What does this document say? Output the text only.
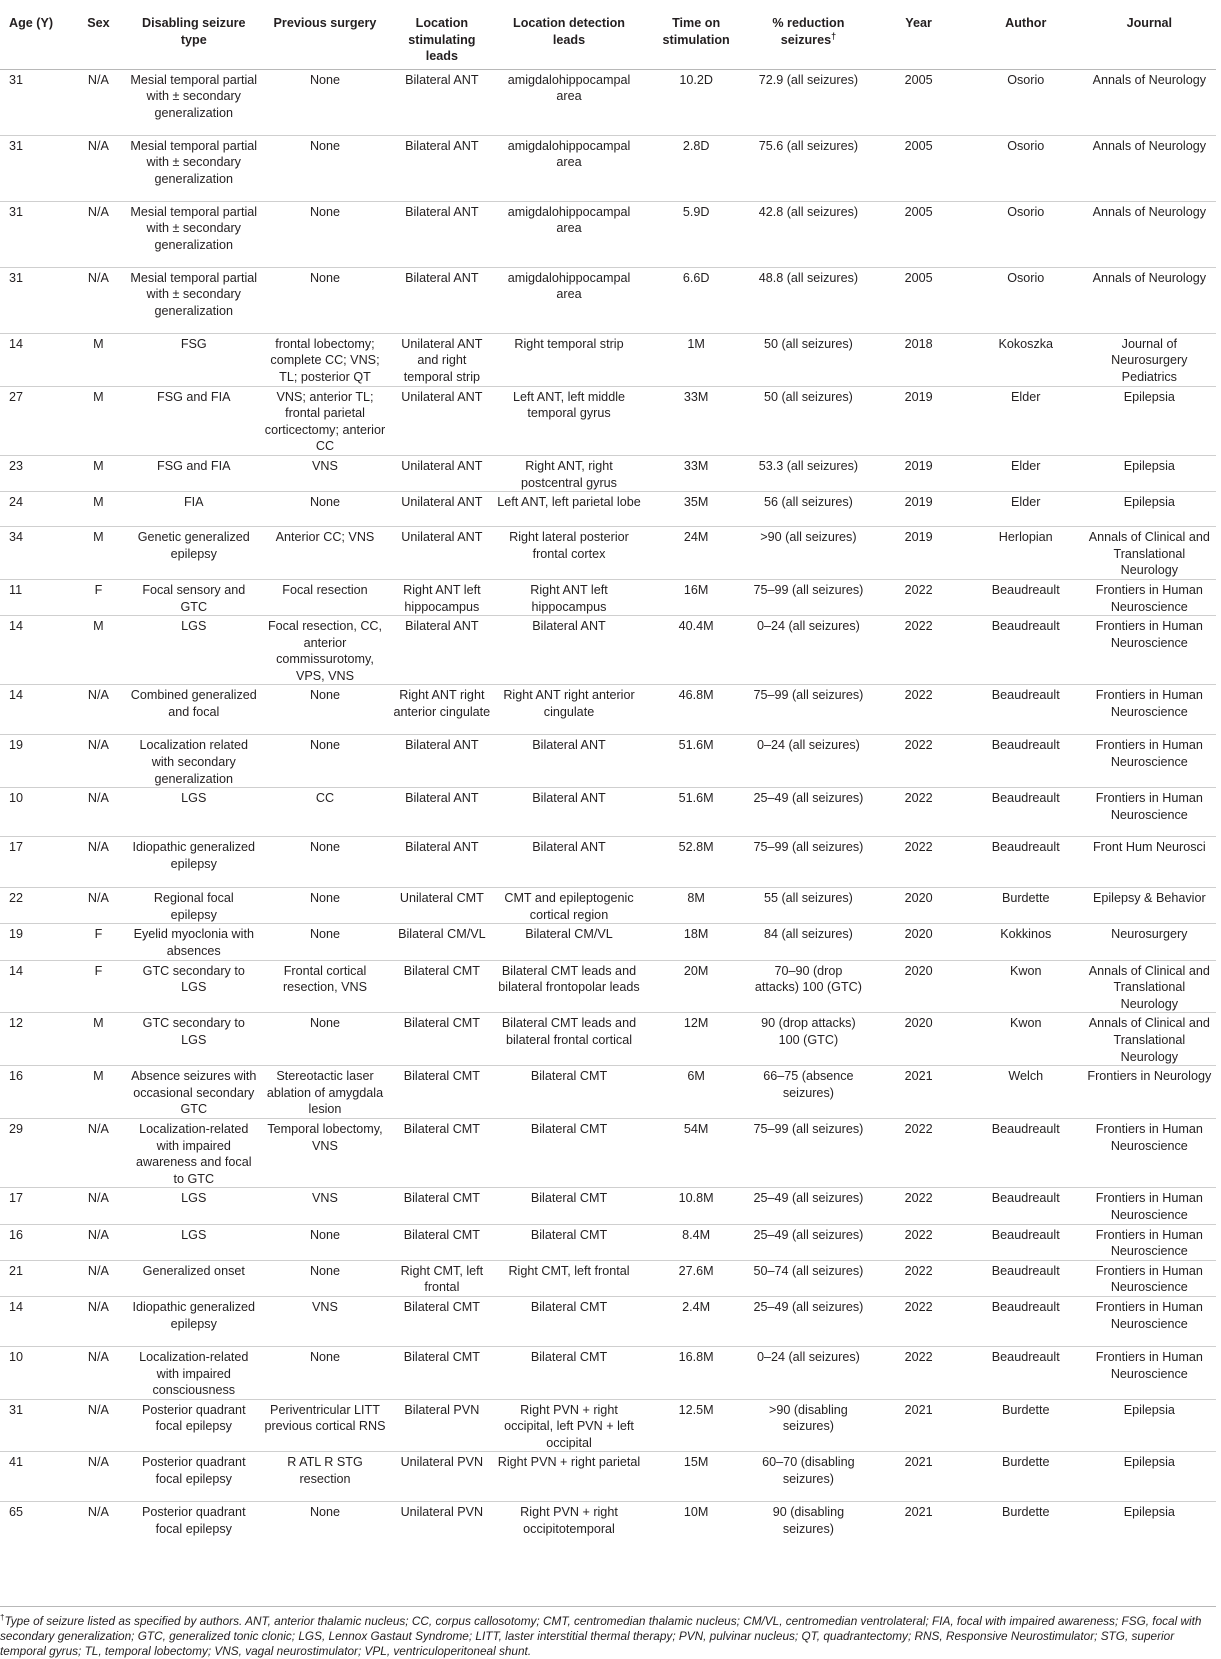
Age (Y)	Sex	Disabling seizure type	Previous surgery	Location stimulating leads	Location detection leads	Time on stimulation	% reduction seizures†	Year	Author	Journal
31	N/A	Mesial temporal partial with ± secondary generalization	None	Bilateral ANT	amigdalohippocampal area	10.2D	72.9 (all seizures)	2005	Osorio	Annals of Neurology
31	N/A	Mesial temporal partial with ± secondary generalization	None	Bilateral ANT	amigdalohippocampal area	2.8D	75.6 (all seizures)	2005	Osorio	Annals of Neurology
31	N/A	Mesial temporal partial with ± secondary generalization	None	Bilateral ANT	amigdalohippocampal area	5.9D	42.8 (all seizures)	2005	Osorio	Annals of Neurology
31	N/A	Mesial temporal partial with ± secondary generalization	None	Bilateral ANT	amigdalohippocampal area	6.6D	48.8 (all seizures)	2005	Osorio	Annals of Neurology
14	M	FSG	frontal lobectomy; complete CC; VNS; TL; posterior QT	Unilateral ANT and right temporal strip	Right temporal strip	1M	50 (all seizures)	2018	Kokoszka	Journal of Neurosurgery Pediatrics
27	M	FSG and FIA	VNS; anterior TL; frontal parietal corticectomy; anterior CC	Unilateral ANT	Left ANT, left middle temporal gyrus	33M	50 (all seizures)	2019	Elder	Epilepsia
23	M	FSG and FIA	VNS	Unilateral ANT	Right ANT, right postcentral gyrus	33M	53.3 (all seizures)	2019	Elder	Epilepsia
24	M	FIA	None	Unilateral ANT	Left ANT, left parietal lobe	35M	56 (all seizures)	2019	Elder	Epilepsia
34	M	Genetic generalized epilepsy	Anterior CC; VNS	Unilateral ANT	Right lateral posterior frontal cortex	24M	>90 (all seizures)	2019	Herlopian	Annals of Clinical and Translational Neurology
11	F	Focal sensory and GTC	Focal resection	Right ANT left hippocampus	Right ANT left hippocampus	16M	75–99 (all seizures)	2022	Beaudreault	Frontiers in Human Neuroscience
14	M	LGS	Focal resection, CC, anterior commissurotomy, VPS, VNS	Bilateral ANT	Bilateral ANT	40.4M	0–24 (all seizures)	2022	Beaudreault	Frontiers in Human Neuroscience
14	N/A	Combined generalized and focal	None	Right ANT right anterior cingulate	Right ANT right anterior cingulate	46.8M	75–99 (all seizures)	2022	Beaudreault	Frontiers in Human Neuroscience
19	N/A	Localization related with secondary generalization	None	Bilateral ANT	Bilateral ANT	51.6M	0–24 (all seizures)	2022	Beaudreault	Frontiers in Human Neuroscience
10	N/A	LGS	CC	Bilateral ANT	Bilateral ANT	51.6M	25–49 (all seizures)	2022	Beaudreault	Frontiers in Human Neuroscience
17	N/A	Idiopathic generalized epilepsy	None	Bilateral ANT	Bilateral ANT	52.8M	75–99 (all seizures)	2022	Beaudreault	Front Hum Neurosci
22	N/A	Regional focal epilepsy	None	Unilateral CMT	CMT and epileptogenic cortical region	8M	55 (all seizures)	2020	Burdette	Epilepsy & Behavior
19	F	Eyelid myoclonia with absences	None	Bilateral CM/VL	Bilateral CM/VL	18M	84 (all seizures)	2020	Kokkinos	Neurosurgery
14	F	GTC secondary to LGS	Frontal cortical resection, VNS	Bilateral CMT	Bilateral CMT leads and bilateral frontopolar leads	20M	70–90 (drop attacks) 100 (GTC)	2020	Kwon	Annals of Clinical and Translational Neurology
12	M	GTC secondary to LGS	None	Bilateral CMT	Bilateral CMT leads and bilateral frontal cortical	12M	90 (drop attacks) 100 (GTC)	2020	Kwon	Annals of Clinical and Translational Neurology
16	M	Absence seizures with occasional secondary GTC	Stereotactic laser ablation of amygdala lesion	Bilateral CMT	Bilateral CMT	6M	66–75 (absence seizures)	2021	Welch	Frontiers in Neurology
29	N/A	Localization-related with impaired awareness and focal to GTC	Temporal lobectomy, VNS	Bilateral CMT	Bilateral CMT	54M	75–99 (all seizures)	2022	Beaudreault	Frontiers in Human Neuroscience
17	N/A	LGS	VNS	Bilateral CMT	Bilateral CMT	10.8M	25–49 (all seizures)	2022	Beaudreault	Frontiers in Human Neuroscience
16	N/A	LGS	None	Bilateral CMT	Bilateral CMT	8.4M	25–49 (all seizures)	2022	Beaudreault	Frontiers in Human Neuroscience
21	N/A	Generalized onset	None	Right CMT, left frontal	Right CMT, left frontal	27.6M	50–74 (all seizures)	2022	Beaudreault	Frontiers in Human Neuroscience
14	N/A	Idiopathic generalized epilepsy	VNS	Bilateral CMT	Bilateral CMT	2.4M	25–49 (all seizures)	2022	Beaudreault	Frontiers in Human Neuroscience
10	N/A	Localization-related with impaired consciousness	None	Bilateral CMT	Bilateral CMT	16.8M	0–24 (all seizures)	2022	Beaudreault	Frontiers in Human Neuroscience
31	N/A	Posterior quadrant focal epilepsy	Periventricular LITT previous cortical RNS	Bilateral PVN	Right PVN + right occipital, left PVN + left occipital	12.5M	>90 (disabling seizures)	2021	Burdette	Epilepsia
41	N/A	Posterior quadrant focal epilepsy	R ATL R STG resection	Unilateral PVN	Right PVN + right parietal	15M	60–70 (disabling seizures)	2021	Burdette	Epilepsia
65	N/A	Posterior quadrant focal epilepsy	None	Unilateral PVN	Right PVN + right occipitotemporal	10M	90 (disabling seizures)	2021	Burdette	Epilepsia
†Type of seizure listed as specified by authors. ANT, anterior thalamic nucleus; CC, corpus callosotomy; CMT, centromedian thalamic nucleus; CM/VL, centromedian ventrolateral; FIA, focal with impaired awareness; FSG, focal with secondary generalization; GTC, generalized tonic clonic; LGS, Lennox Gastaut Syndrome; LITT, laster interstitial thermal therapy; PVN, pulvinar nucleus; QT, quadrantectomy; RNS, Responsive Neurostimulator; STG, superior temporal gyrus; TL, temporal lobectomy; VNS, vagal neurostimulator; VPL, ventriculoperitoneal shunt.
